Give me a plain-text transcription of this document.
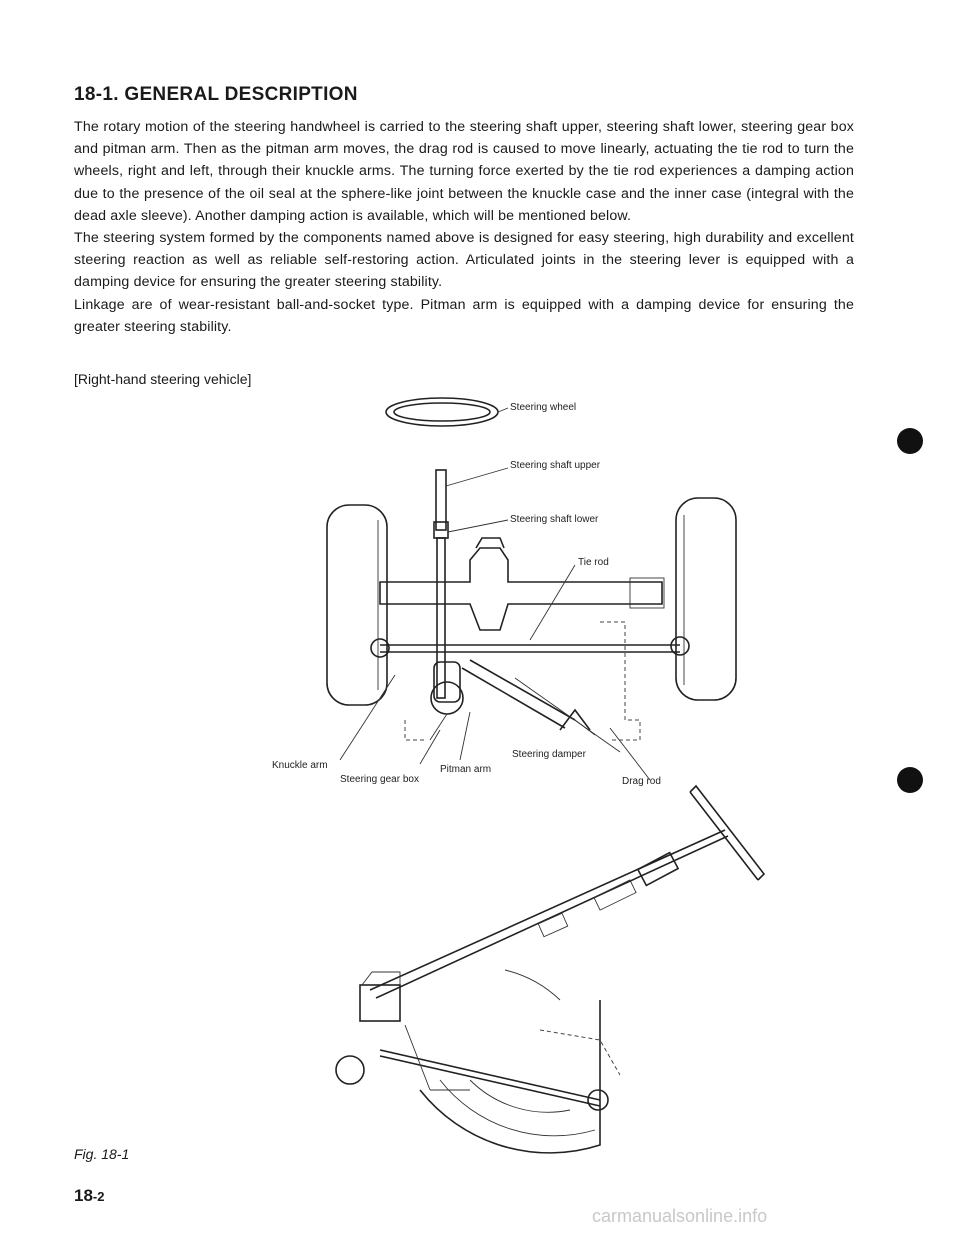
18-1. GENERAL DESCRIPTION

The rotary motion of the steering handwheel is carried to the steering shaft upper, steering shaft lower, steering gear box and pitman arm. Then as the pitman arm moves, the drag rod is caused to move linearly, actuating the tie rod to turn the wheels, right and left, through their knuckle arms. The turning force exerted by the tie rod experiences a damping action due to the presence of the oil seal at the sphere-like joint between the knuckle case and the inner case (integral with the dead axle sleeve). Another damping action is available, which will be mentioned below.

The steering system formed by the components named above is designed for easy steering, high durability and excellent steering reaction as well as reliable self-restoring action. Articulated joints in the steering lever is equipped with a damping device for ensuring the greater steering stability.

Linkage are of wear-resistant ball-and-socket type. Pitman arm is equipped with a damping device for ensuring the greater steering stability.

[Right-hand steering vehicle]
Steering wheel
Steering shaft upper
Steering shaft lower
Tie rod
Knuckle arm
Steering gear box
Pitman arm
Steering damper
Drag rod
Fig. 18-1
18-2
carmanualsonline.info
